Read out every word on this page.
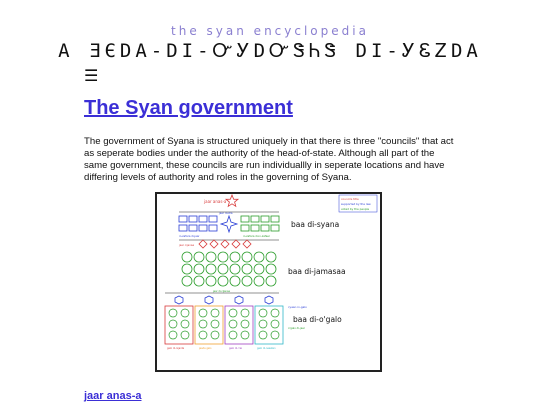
the syan encyclopedia
A ƎЄDA-DI-ᏅᎩDᏅᏕᏂᏕ DI-ᎩᏋᏃDA
☰
The Syan government
The government of Syana is structured uniquely in that there is three "councils" that act as seperate bodies under the authority of the head-of-state. Although all part of the same government, these councils are run individuallly in seperate locations and have differing levels of authority and roles in the governing of Syana.
jaar anas-a	councils title
supported by the law
voted by the people
jaar rostra
in-zafara di-jaar	in-zafara di-in-zafaer
baa di-syana
jaar cijanaa
baa di-jamasaa
jaar di-cijanaa
cyaan in-galo
o'galo di-jaar
baa di-o'galo
galo di-nijanta	jaada galo	galo di-'cai	galo di-naastan
jaar anas-a
